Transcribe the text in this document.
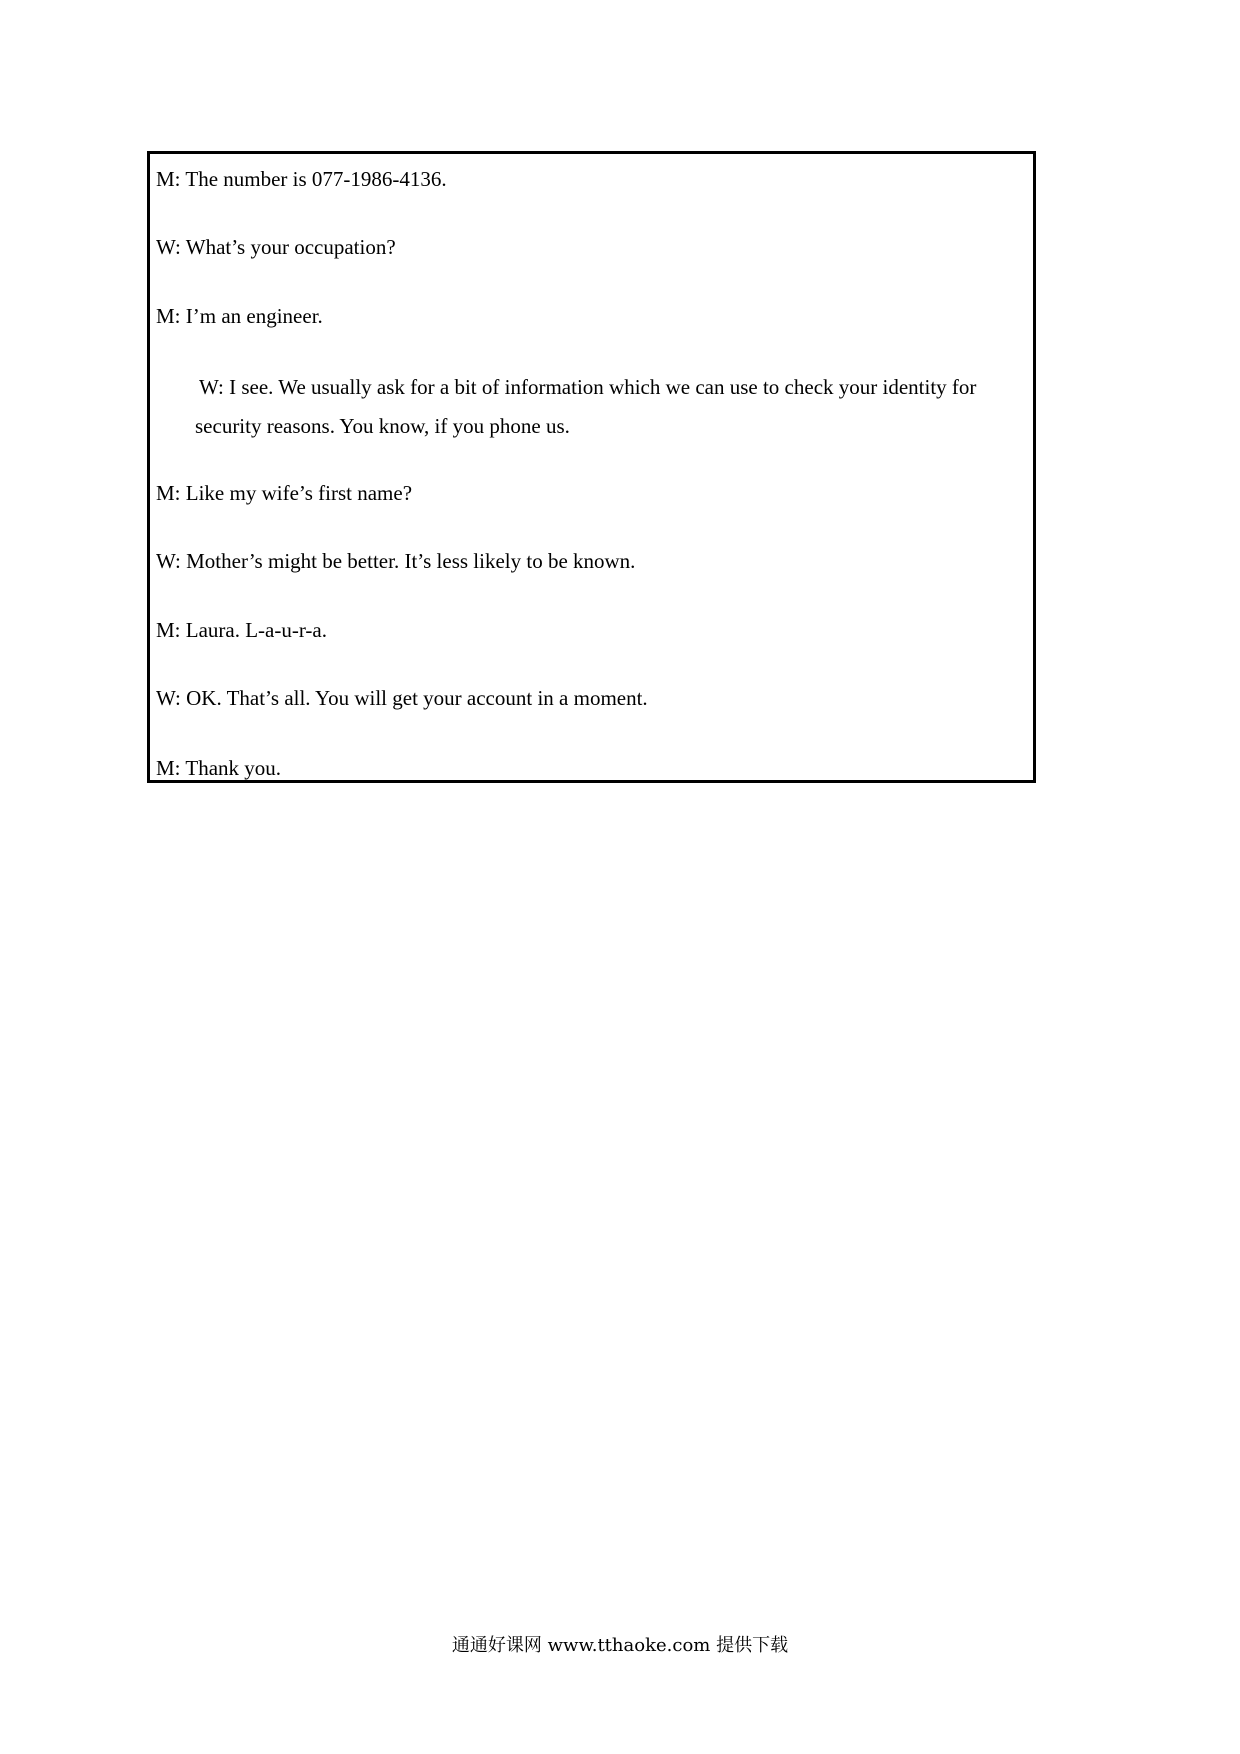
M: The number is 077-1986-4136.
W: What’s your occupation?
M: I’m an engineer.
W: I see. We usually ask for a bit of information which we can use to check your identity for security reasons. You know, if you phone us.
M: Like my wife’s first name?
W: Mother’s might be better. It’s less likely to be known.
M: Laura. L-a-u-r-a.
W: OK. That’s all. You will get your account in a moment.
M: Thank you.
通通好课网 www.tthaoke.com 提供下载
